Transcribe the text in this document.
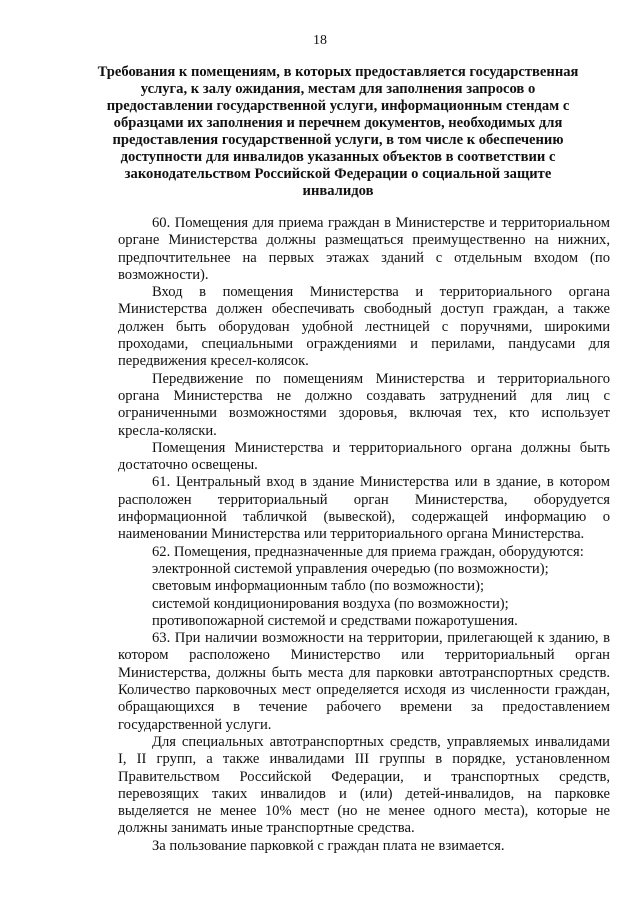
18
Требования к помещениям, в которых предоставляется государственная услуга, к залу ожидания, местам для заполнения запросов о предоставлении государственной услуги, информационным стендам с образцами их заполнения и перечнем документов, необходимых для предоставления государственной услуги, в том числе к обеспечению доступности для инвалидов указанных объектов в соответствии с законодательством Российской Федерации о социальной защите инвалидов

60. Помещения для приема граждан в Министерстве и территориальном органе Министерства должны размещаться преимущественно на нижних, предпочтительнее на первых этажах зданий с отдельным входом (по возможности).

Вход в помещения Министерства и территориального органа Министерства должен обеспечивать свободный доступ граждан, а также должен быть оборудован удобной лестницей с поручнями, широкими проходами, специальными ограждениями и перилами, пандусами для передвижения кресел-колясок.

Передвижение по помещениям Министерства и территориального органа Министерства не должно создавать затруднений для лиц с ограниченными возможностями здоровья, включая тех, кто использует кресла-коляски.

Помещения Министерства и территориального органа должны быть достаточно освещены.

61. Центральный вход в здание Министерства или в здание, в котором расположен территориальный орган Министерства, оборудуется информационной табличкой (вывеской), содержащей информацию о наименовании Министерства или территориального органа Министерства.

62. Помещения, предназначенные для приема граждан, оборудуются:

электронной системой управления очередью (по возможности);

световым информационным табло (по возможности);

системой кондиционирования воздуха (по возможности);

противопожарной системой и средствами пожаротушения.

63. При наличии возможности на территории, прилегающей к зданию, в котором расположено Министерство или территориальный орган Министерства, должны быть места для парковки автотранспортных средств. Количество парковочных мест определяется исходя из численности граждан, обращающихся в течение рабочего времени за предоставлением государственной услуги.

Для специальных автотранспортных средств, управляемых инвалидами I, II групп, а также инвалидами III группы в порядке, установленном Правительством Российской Федерации, и транспортных средств, перевозящих таких инвалидов и (или) детей-инвалидов, на парковке выделяется не менее 10% мест (но не менее одного места), которые не должны занимать иные транспортные средства.

За пользование парковкой с граждан плата не взимается.
